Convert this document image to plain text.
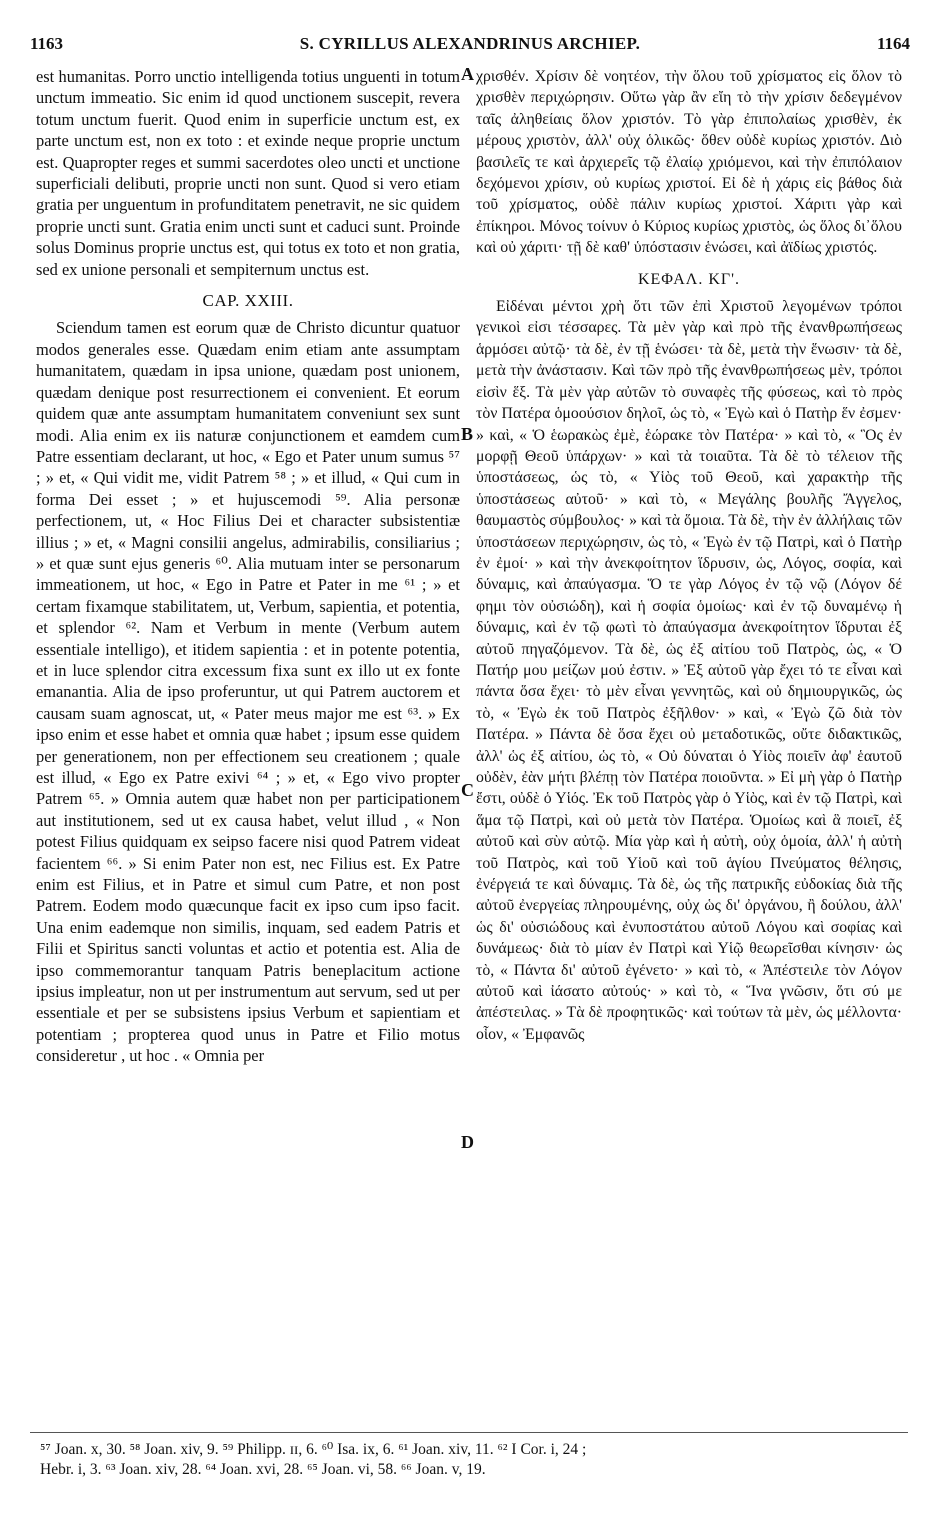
1163	S. CYRILLUS ALEXANDRINUS ARCHIEP.	1164

est humanitas. Porro unctio intelligenda totius unguenti in totum unctum immeatio. Sic enim id quod unctionem suscepit, revera totum unctum fuerit. Quod enim in superficie unctum est, ex parte unctum est, non ex toto : et exinde neque proprie unctum est. Quapropter reges et summi sacerdotes oleo uncti et unctione superficiali delibuti, proprie uncti non sunt. Quod si vero etiam gratia per unguentum in profunditatem penetravit, ne sic quidem proprie uncti sunt. Gratia enim uncti sunt et caduci sunt. Proinde solus Dominus proprie unctus est, qui totus ex toto et non gratia, sed ex unione personali et sempiternum unctus est.

CAP. XXIII.

Sciendum tamen est eorum quæ de Christo dicuntur quatuor modos generales esse. Quædam enim etiam ante assumptam humanitatem, quædam in ipsa unione, quædam post unionem, quædam denique post resurrectionem ei convenient. Et eorum quidem quæ ante assumptam humanitatem conveniunt sex sunt modi. Alia enim ex iis naturæ conjunctionem et eamdem cum Patre essentiam declarant, ut hoc, « Ego et Pater unum sumus ⁵⁷ ; » et, « Qui vidit me, vidit Patrem ⁵⁸ ; » et illud, « Qui cum in forma Dei esset ; » et hujuscemodi ⁵⁹. Alia personæ perfectionem, ut, « Hoc Filius Dei et character subsistentiæ illius ; » et, « Magni consilii angelus, admirabilis, consiliarius ; » et quæ sunt ejus generis ⁶⁰. Alia mutuam inter se personarum immeationem, ut hoc, « Ego in Patre et Pater in me ⁶¹ ; » et certam fixamque stabilitatem, ut, Verbum, sapientia, et potentia, et splendor ⁶². Nam et Verbum in mente (Verbum autem essentiale intelligo), et itidem sapientia : et in potente potentia, et in luce splendor citra excessum fixa sunt ex illo ut ex fonte emanantia. Alia de ipso proferuntur, ut qui Patrem auctorem et causam suam agnoscat, ut, « Pater meus major me est ⁶³. » Ex ipso enim et esse habet et omnia quæ habet ; ipsum esse quidem per generationem, non per effectionem seu creationem ; quale est illud, « Ego ex Patre exivi ⁶⁴ ; » et, « Ego vivo propter Patrem ⁶⁵. » Omnia autem quæ habet non per participationem aut institutionem, sed ut ex causa habet, velut illud , « Non potest Filius quidquam ex seipso facere nisi quod Patrem videat facientem ⁶⁶. » Si enim Pater non est, nec Filius est. Ex Patre enim est Filius, et in Patre et simul cum Patre, et non post Patrem. Eodem modo quæcunque facit ex ipso cum ipso facit. Una enim eademque non similis, inquam, sed eadem Patris et Filii et Spiritus sancti voluntas et actio et potentia est. Alia de ipso commemorantur tanquam Patris beneplacitum actione ipsius impleatur, non ut per instrumentum aut servum, sed ut per essentiale et per se subsistens ipsius Verbum et sapientiam et potentiam ; propterea quod unus in Patre et Filio motus consideretur , ut hoc . « Omnia per

χρισθέν. Χρίσιν δὲ νοητέον, τὴν ὅλου τοῦ χρίσματος εἰς ὅλον τὸ χρισθὲν περιχώρησιν. Οὕτω γὰρ ἂν εἴη τὸ τὴν χρίσιν δεδεγμένον ταῖς ἀληθείαις ὅλον χριστόν. Τὸ γὰρ ἐπιπολαίως χρισθὲν, ἐκ μέρους χριστὸν, ἀλλ' οὐχ ὁλικῶς· ὅθεν οὐδὲ κυρίως χριστόν. Διὸ βασιλεῖς τε καὶ ἀρχιερεῖς τῷ ἐλαίῳ χριόμενοι, καὶ τὴν ἐπιπόλαιον δεχόμενοι χρίσιν, οὐ κυρίως χριστοί. Εἰ δὲ ἡ χάρις εἰς βάθος διὰ τοῦ χρίσματος, οὐδὲ πάλιν κυρίως χριστοί. Χάριτι γὰρ καὶ ἐπίκηροι. Μόνος τοίνυν ὁ Κύριος κυρίως χριστὸς, ὡς ὅλος δι᾽ὅλου καὶ οὐ χάριτι· τῇ δὲ καθ' ὑπόστασιν ἑνώσει, καὶ ἀϊδίως χριστός.

ΚΕΦΑΛ. ΚΓ'.

Εἰδέναι μέντοι χρὴ ὅτι τῶν ἐπὶ Χριστοῦ λεγομένων τρόποι γενικοὶ εἰσι τέσσαρες. Τὰ μὲν γὰρ καὶ πρὸ τῆς ἐνανθρωπήσεως ἁρμόσει αὐτῷ· τὰ δὲ, ἐν τῇ ἑνώσει· τὰ δὲ, μετὰ τὴν ἕνωσιν· τὰ δὲ, μετὰ τὴν ἀνάστασιν. Καὶ τῶν πρὸ τῆς ἐνανθρωπήσεως μὲν, τρόποι εἰσὶν ἕξ. Τὰ μὲν γὰρ αὐτῶν τὸ συναφὲς τῆς φύσεως, καὶ τὸ πρὸς τὸν Πατέρα ὁμοούσιον δηλοῖ, ὡς τὸ, « Ἐγὼ καὶ ὁ Πατὴρ ἕν ἐσμεν· » καὶ, « Ὁ ἑωρακὼς ἐμὲ, ἑώρακε τὸν Πατέρα· » καὶ τὸ, « Ὃς ἐν μορφῇ Θεοῦ ὑπάρχων· » καὶ τὰ τοιαῦτα. Τὰ δὲ τὸ τέλειον τῆς ὑποστάσεως, ὡς τὸ, « Υἱὸς τοῦ Θεοῦ, καὶ χαρακτὴρ τῆς ὑποστάσεως αὐτοῦ· » καὶ τὸ, « Μεγάλης βουλῆς Ἄγγελος, θαυμαστὸς σύμβουλος· » καὶ τὰ ὅμοια. Τὰ δὲ, τὴν ἐν ἀλλήλαις τῶν ὑποστάσεων περιχώρησιν, ὡς τὸ, « Ἐγὼ ἐν τῷ Πατρὶ, καὶ ὁ Πατὴρ ἐν ἐμοί· » καὶ τὴν ἀνεκφοίτητον ἵδρυσιν, ὡς, Λόγος, σοφία, καὶ δύναμις, καὶ ἀπαύγασμα. Ὅ τε γὰρ Λόγος ἐν τῷ νῷ (Λόγον δέ φημι τὸν οὐσιώδη), καὶ ἡ σοφία ὁμοίως· καὶ ἐν τῷ δυναμένῳ ἡ δύναμις, καὶ ἐν τῷ φωτὶ τὸ ἀπαύγασμα ἀνεκφοίτητον ἵδρυται ἐξ αὐτοῦ πηγαζόμενον. Τὰ δὲ, ὡς ἐξ αἰτίου τοῦ Πατρὸς, ὡς, « Ὁ Πατήρ μου μείζων μού ἐστιν. » Ἐξ αὐτοῦ γὰρ ἔχει τό τε εἶναι καὶ πάντα ὅσα ἔχει· τὸ μὲν εἶναι γεννητῶς, καὶ οὐ δημιουργικῶς, ὡς τὸ, « Ἐγὼ ἐκ τοῦ Πατρὸς ἐξῆλθον· » καὶ, « Ἐγὼ ζῶ διὰ τὸν Πατέρα. » Πάντα δὲ ὅσα ἔχει οὐ μεταδοτικῶς, οὔτε διδακτικῶς, ἀλλ' ὡς ἐξ αἰτίου, ὡς τὸ, « Οὐ δύναται ὁ Υἱὸς ποιεῖν ἀφ' ἑαυτοῦ οὐδὲν, ἐὰν μήτι βλέπῃ τὸν Πατέρα ποιοῦντα. » Εἰ μὴ γὰρ ὁ Πατὴρ ἔστι, οὐδὲ ὁ Υἱός. Ἐκ τοῦ Πατρὸς γὰρ ὁ Υἱὸς, καὶ ἐν τῷ Πατρὶ, καὶ ἅμα τῷ Πατρὶ, καὶ οὐ μετὰ τὸν Πατέρα. Ὁμοίως καὶ ἃ ποιεῖ, ἐξ αὐτοῦ καὶ σὺν αὐτῷ. Μία γὰρ καὶ ἡ αὐτὴ, οὐχ ὁμοία, ἀλλ' ἡ αὐτὴ τοῦ Πατρὸς, καὶ τοῦ Υἱοῦ καὶ τοῦ ἁγίου Πνεύματος θέλησις, ἐνέργειά τε καὶ δύναμις. Τὰ δὲ, ὡς τῆς πατρικῆς εὐδοκίας διὰ τῆς αὐτοῦ ἐνεργείας πληρουμένης, οὐχ ὡς δι' ὀργάνου, ἢ δούλου, ἀλλ' ὡς δι' οὐσιώδους καὶ ἐνυποστάτου αὐτοῦ Λόγου καὶ σοφίας καὶ δυνάμεως· διὰ τὸ μίαν ἐν Πατρὶ καὶ Υἱῷ θεωρεῖσθαι κίνησιν· ὡς τὸ, « Πάντα δι' αὐτοῦ ἐγένετο· » καὶ τὸ, « Ἀπέστειλε τὸν Λόγον αὐτοῦ καὶ ἰάσατο αὐτούς· » καὶ τὸ, « Ἵνα γνῶσιν, ὅτι σύ με ἀπέστειλας. » Τὰ δὲ προφητικῶς· καὶ τούτων τὰ μὲν, ὡς μέλλοντα· οἷον, « Ἐμφανῶς

A
B
C
D

⁵⁷ Joan. x, 30. ⁵⁸ Joan. xiv, 9. ⁵⁹ Philipp. ɪɪ, 6. ⁶⁰ Isa. ix, 6. ⁶¹ Joan. xiv, 11. ⁶² I Cor. i, 24 ;

Hebr. i, 3. ⁶³ Joan. xiv, 28. ⁶⁴ Joan. xvi, 28. ⁶⁵ Joan. vi, 58. ⁶⁶ Joan. v, 19.
